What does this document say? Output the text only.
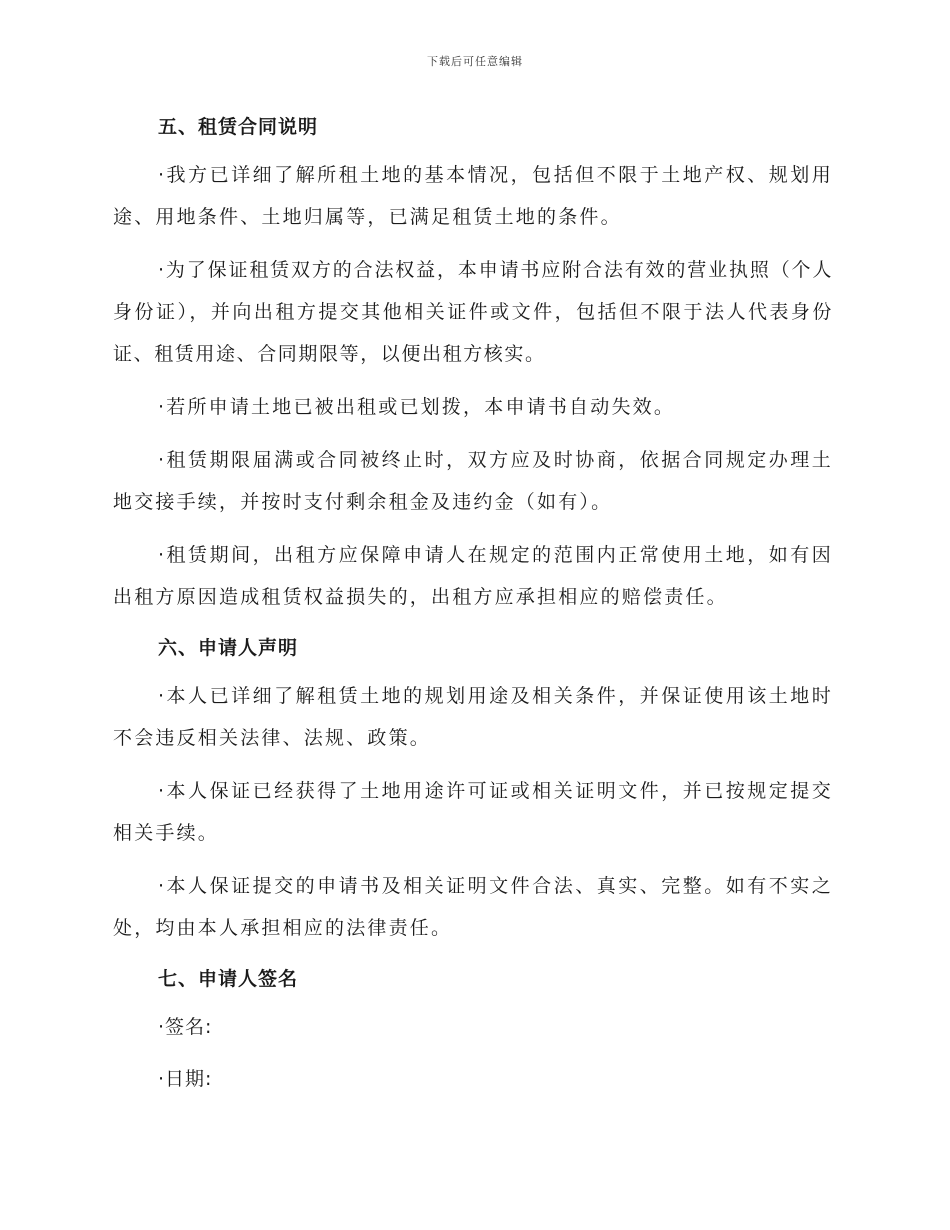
下载后可任意编辑
五、租赁合同说明

·我方已详细了解所租土地的基本情况，包括但不限于土地产权、规划用途、用地条件、土地归属等，已满足租赁土地的条件。

·为了保证租赁双方的合法权益，本申请书应附合法有效的营业执照（个人身份证），并向出租方提交其他相关证件或文件，包括但不限于法人代表身份证、租赁用途、合同期限等，以便出租方核实。

·若所申请土地已被出租或已划拨，本申请书自动失效。

·租赁期限届满或合同被终止时，双方应及时协商，依据合同规定办理土地交接手续，并按时支付剩余租金及违约金（如有）。

·租赁期间，出租方应保障申请人在规定的范围内正常使用土地，如有因出租方原因造成租赁权益损失的，出租方应承担相应的赔偿责任。

六、申请人声明

·本人已详细了解租赁土地的规划用途及相关条件，并保证使用该土地时不会违反相关法律、法规、政策。

·本人保证已经获得了土地用途许可证或相关证明文件，并已按规定提交相关手续。

·本人保证提交的申请书及相关证明文件合法、真实、完整。如有不实之处，均由本人承担相应的法律责任。

七、申请人签名
·签名:
·日期:
